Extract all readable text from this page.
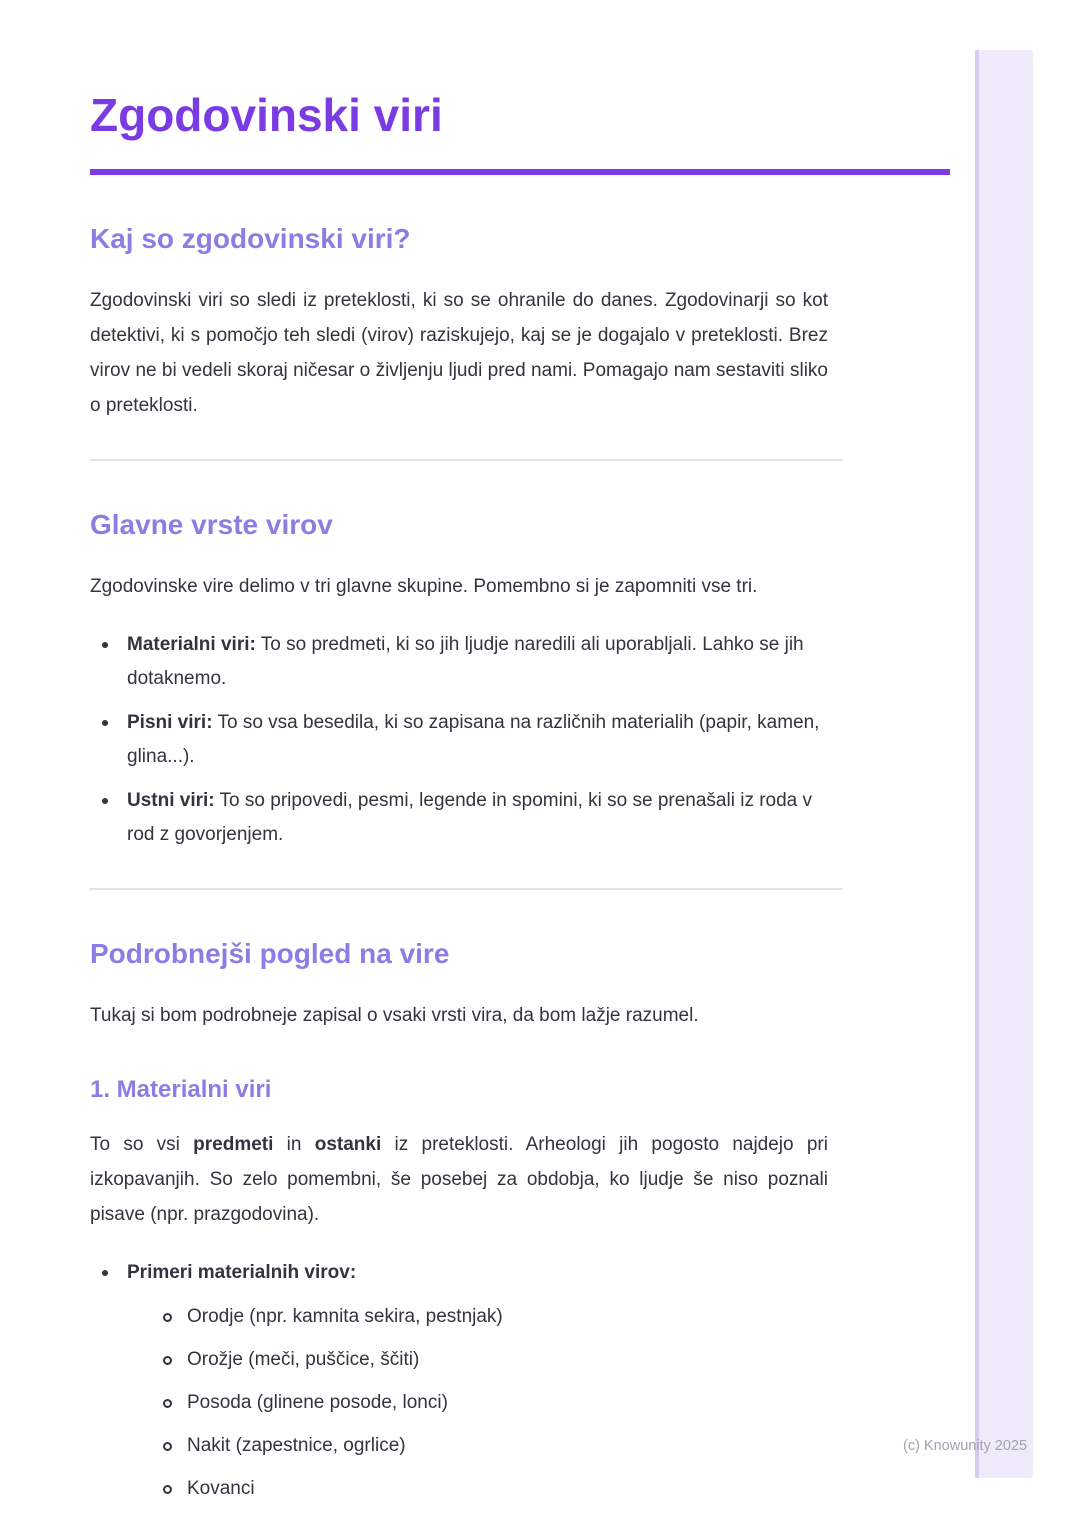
Zgodovinski viri
Kaj so zgodovinski viri?

Zgodovinski viri so sledi iz preteklosti, ki so se ohranile do danes. Zgodovinarji so kot detektivi, ki s pomočjo teh sledi (virov) raziskujejo, kaj se je dogajalo v preteklosti. Brez virov ne bi vedeli skoraj ničesar o življenju ljudi pred nami. Pomagajo nam sestaviti sliko o preteklosti.

Glavne vrste virov

Zgodovinske vire delimo v tri glavne skupine. Pomembno si je zapomniti vse tri.

Materialni viri: To so predmeti, ki so jih ljudje naredili ali uporabljali. Lahko se jih dotaknemo.
Pisni viri: To so vsa besedila, ki so zapisana na različnih materialih (papir, kamen, glina...).
Ustni viri: To so pripovedi, pesmi, legende in spomini, ki so se prenašali iz roda v rod z govorjenjem.
Podrobnejši pogled na vire

Tukaj si bom podrobneje zapisal o vsaki vrsti vira, da bom lažje razumel.

1. Materialni viri

To so vsi predmeti in ostanki iz preteklosti. Arheologi jih pogosto najdejo pri izkopavanjih. So zelo pomembni, še posebej za obdobja, ko ljudje še niso poznali pisave (npr. prazgodovina).

Primeri materialnih virov:
Orodje (npr. kamnita sekira, pestnjak)
Orožje (meči, puščice, ščiti)
Posoda (glinene posode, lonci)
Nakit (zapestnice, ogrlice)
Kovanci
(c) Knowunity 2025
